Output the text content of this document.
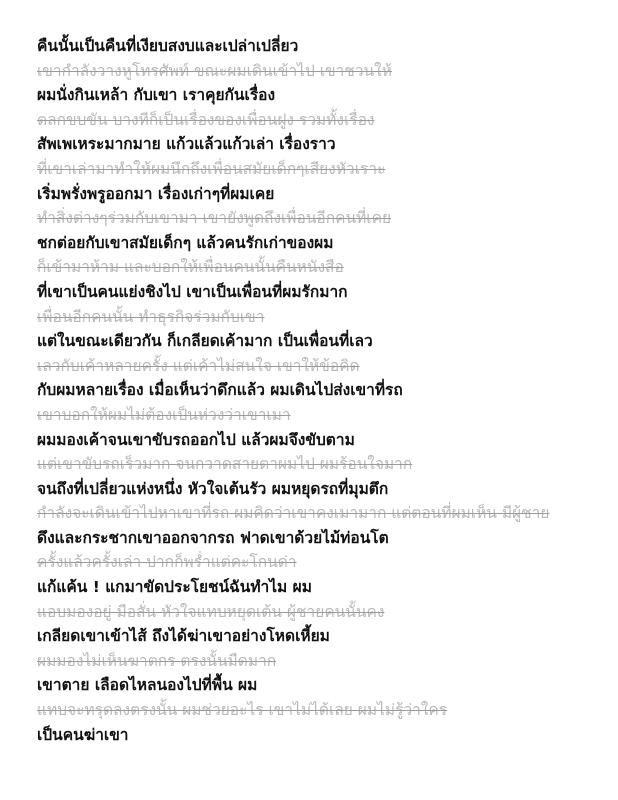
คืนนั้นเป็นคืนที่เงียบสงบและเปล่าเปลี่ยว
เขากำลังวางหูโทรศัพท์ ขณะผมเดินเข้าไป เขาชวนให้
ผมนั่งกินเหล้า กับเขา เราคุยกันเรื่อง
ตลกขบขัน บางทีก็เป็นเรื่องของเพื่อนฝูง รวมทั้งเรื่อง
สัพเพเหระมากมาย แก้วแล้วแก้วเล่า เรื่องราว
ที่เขาเล่ามาทำให้ผมนึกถึงเพื่อนสมัยเด็กๆเสียงหัวเราะ
เริ่มพรั่งพรูออกมา เรื่องเก่าๆที่ผมเคย
ทำสิ่งต่างๆร่วมกับเขามา เขายังพูดถึงเพื่อนอีกคนที่เคย
ชกต่อยกับเขาสมัยเด็กๆ แล้วคนรักเก่าของผม
ก็เข้ามาห้าม และบอกให้เพื่อนคนนั้นคืนหนังสือ
ที่เขาเป็นคนแย่งชิงไป เขาเป็นเพื่อนที่ผมรักมาก
เพื่อนอีกคนนั้น ทำธุรกิจร่วมกับเขา
แต่ในขณะเดียวกัน ก็เกลียดเค้ามาก เป็นเพื่อนที่เลว
เลวกับเค้าหลายครั้ง แต่เค้าไม่สนใจ เขาให้ข้อคิด
กับผมหลายเรื่อง เมื่อเห็นว่าดึกแล้ว ผมเดินไปส่งเขาที่รถ
เขาบอกให้ผมไม่ต้องเป็นห่วงว่าเขาเมา
ผมมองเค้าจนเขาขับรถออกไป แล้วผมจึงขับตาม
แต่เขาขับรถเร็วมาก จนกวาดสายตาผมไป ผมร้อนใจมาก
จนถึงที่เปลี่ยวแห่งหนึ่ง หัวใจเต้นรัว ผมหยุดรถที่มุมตึก
กำลังจะเดินเข้าไปหาเขาที่รถ ผมคิดว่าเขาคงเมามาก แต่ตอนที่ผมเห็น มีผู้ชาย
ดึงและกระชากเขาออกจากรถ ฟาดเขาด้วยไม้ท่อนโต
ครั้งแล้วครั้งเล่า ปากก็พร่ำแต่คะโกนด่า
แก้แค้น ! แกมาขัดประโยชน์ฉันทำไม ผม
แอบมองอยู่ มือสั่น หัวใจแทบหยุดเต้น ผู้ชายคนนั้นคง
เกลียดเขาเข้าไส้ ถึงได้ฆ่าเขาอย่างโหดเหี้ยม
ผมมองไม่เห็นฆาตกร ตรงนั้นมืดมาก
เขาตาย เลือดไหลนองไปที่พื้น ผม
แทบจะทรุดลงตรงนั้น ผมช่วยอะไร เขาไม่ได้เลย ผมไม่รู้ว่าใคร
เป็นคนฆ่าเขา
